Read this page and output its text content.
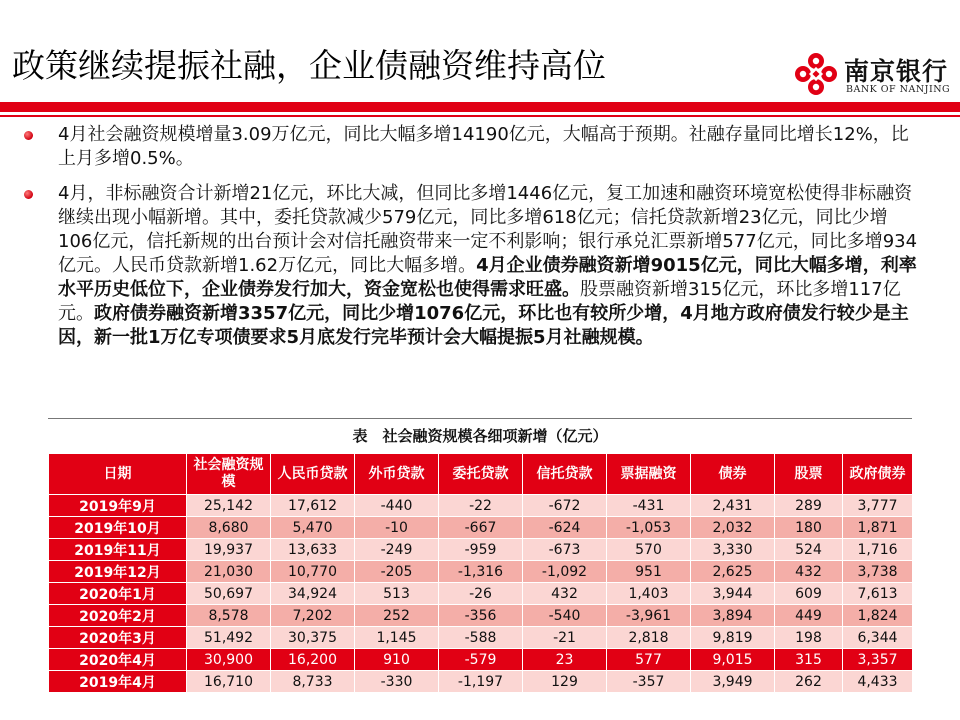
政策继续提振社融，企业债融资维持高位	南京银行
BANK OF NANJING
4月社会融资规模增量3.09万亿元，同比大幅多增14190亿元，大幅高于预期。社融存量同比增长12%，比上月多增0.5%。
4月，非标融资合计新增21亿元，环比大减，但同比多增1446亿元，复工加速和融资环境宽松使得非标融资继续出现小幅新增。其中，委托贷款减少579亿元，同比多增618亿元；信托贷款新增23亿元，同比少增106亿元，信托新规的出台预计会对信托融资带来一定不利影响；银行承兑汇票新增577亿元，同比多增934亿元。人民币贷款新增1.62万亿元，同比大幅多增。4月企业债券融资新增9015亿元，同比大幅多增，利率水平历史低位下，企业债券发行加大，资金宽松也使得需求旺盛。股票融资新增315亿元，环比多增117亿元。政府债券融资新增3357亿元，同比少增1076亿元，环比也有较所少增，4月地方政府债发行较少是主因，新一批1万亿专项债要求5月底发行完毕预计会大幅提振5月社融规模。
表　社会融资规模各细项新增（亿元）
日期	社会融资规模	人民币贷款	外币贷款	委托贷款	信托贷款	票据融资	债券	股票	政府债券
2019年9月	25,142	17,612	-440	-22	-672	-431	2,431	289	3,777
2019年10月	8,680	5,470	-10	-667	-624	-1,053	2,032	180	1,871
2019年11月	19,937	13,633	-249	-959	-673	570	3,330	524	1,716
2019年12月	21,030	10,770	-205	-1,316	-1,092	951	2,625	432	3,738
2020年1月	50,697	34,924	513	-26	432	1,403	3,944	609	7,613
2020年2月	8,578	7,202	252	-356	-540	-3,961	3,894	449	1,824
2020年3月	51,492	30,375	1,145	-588	-21	2,818	9,819	198	6,344
2020年4月	30,900	16,200	910	-579	23	577	9,015	315	3,357
2019年4月	16,710	8,733	-330	-1,197	129	-357	3,949	262	4,433
